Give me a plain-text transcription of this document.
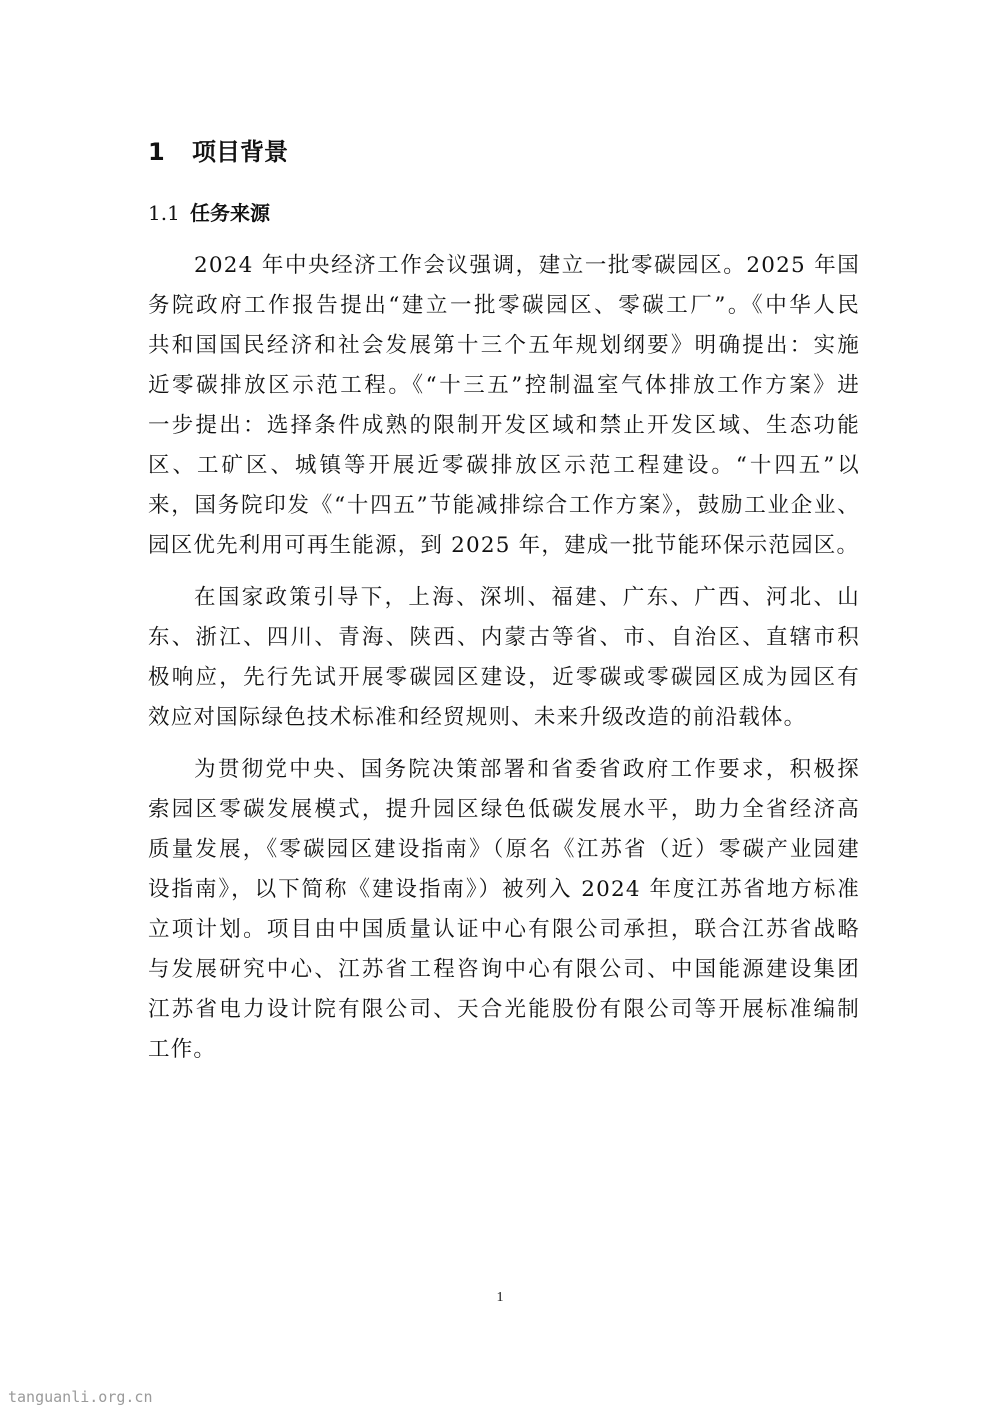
1 项目背景
1.1 任务来源
2024 年中央经济工作会议强调，建立一批零碳园区。2025 年国
务院政府工作报告提出“建立一批零碳园区、零碳工厂”。《中华人民
共和国国民经济和社会发展第十三个五年规划纲要》明确提出：实施
近零碳排放区示范工程。《“十三五”控制温室气体排放工作方案》进
一步提出：选择条件成熟的限制开发区域和禁止开发区域、生态功能
区、工矿区、城镇等开展近零碳排放区示范工程建设。“十四五”以
来，国务院印发《“十四五”节能减排综合工作方案》，鼓励工业企业、
园区优先利用可再生能源，到 2025 年，建成一批节能环保示范园区。
在国家政策引导下，上海、深圳、福建、广东、广西、河北、山
东、浙江、四川、青海、陕西、内蒙古等省、市、自治区、直辖市积
极响应，先行先试开展零碳园区建设，近零碳或零碳园区成为园区有
效应对国际绿色技术标准和经贸规则、未来升级改造的前沿载体。
为贯彻党中央、国务院决策部署和省委省政府工作要求，积极探
索园区零碳发展模式，提升园区绿色低碳发展水平，助力全省经济高
质量发展，《零碳园区建设指南》（原名《江苏省（近）零碳产业园建
设指南》，以下简称《建设指南》）被列入 2024 年度江苏省地方标准
立项计划。项目由中国质量认证中心有限公司承担，联合江苏省战略
与发展研究中心、江苏省工程咨询中心有限公司、中国能源建设集团
江苏省电力设计院有限公司、天合光能股份有限公司等开展标准编制
工作。
1
tanguanli.org.cn
